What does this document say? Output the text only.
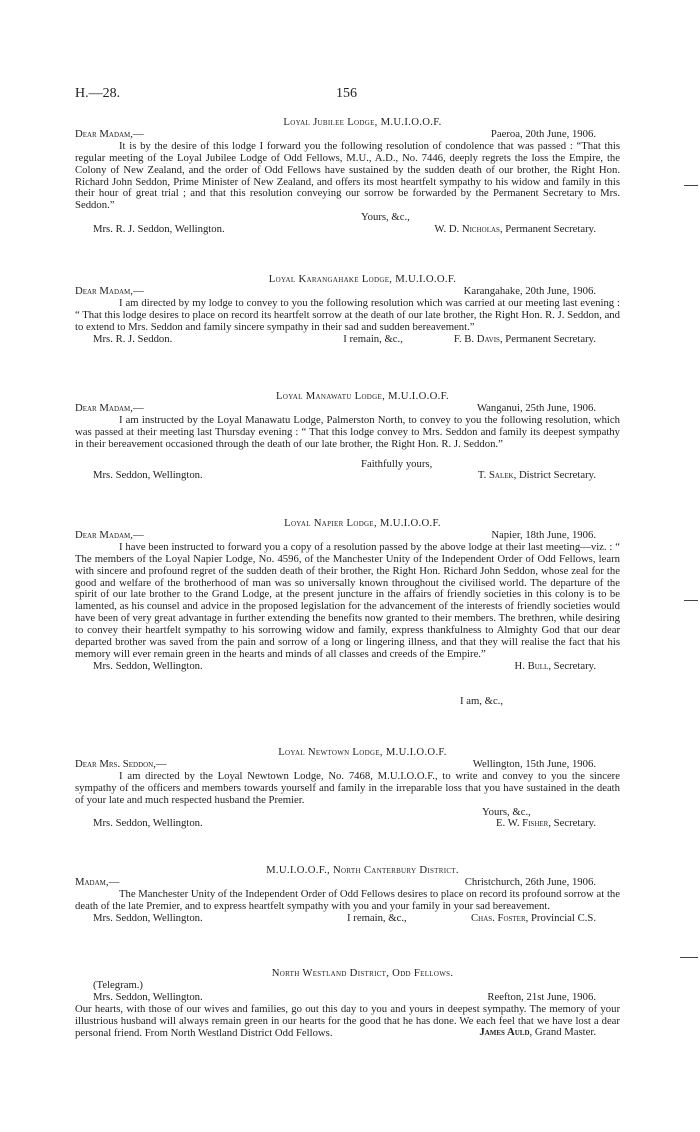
H.—28.	156
Loyal Jubilee Lodge, M.U.I.O.O.F.
Dear Madam,—	Paeroa, 20th June, 1906.

It is by the desire of this lodge I forward you the following resolution of condolence that was passed : “That this regular meeting of the Loyal Jubilee Lodge of Odd Fellows, M.U., A.D., No. 7446, deeply regrets the loss the Empire, the Colony of New Zealand, and the order of Odd Fellows have sustained by the sudden death of our brother, the Right Hon. Richard John Seddon, Prime Minister of New Zealand, and offers its most heartfelt sympathy to his widow and family in this their hour of great trial ; and that this resolution conveying our sorrow be forwarded by the Permanent Secretary to Mrs. Seddon.”

Yours, &c.,
Mrs. R. J. Seddon, Wellington.	W. D. Nicholas, Permanent Secretary.
Loyal Karangahake Lodge, M.U.I.O.O.F.
Dear Madam,—	Karangahake, 20th June, 1906.

I am directed by my lodge to convey to you the following resolution which was carried at our meeting last evening : “ That this lodge desires to place on record its heartfelt sorrow at the death of our late brother, the Right Hon. R. J. Seddon, and to extend to Mrs. Seddon and family sincere sympathy in their sad and sudden bereavement.”

Mrs. R. J. Seddon.	I remain, &c.,	F. B. Davis, Permanent Secretary.
Loyal Manawatu Lodge, M.U.I.O.O.F.
Dear Madam,—	Wanganui, 25th June, 1906.

I am instructed by the Loyal Manawatu Lodge, Palmerston North, to convey to you the following resolution, which was passed at their meeting last Thursday evening : “ That this lodge convey to Mrs. Seddon and family its deepest sympathy in their bereavement occasioned through the death of our late brother, the Right Hon. R. J. Seddon.”

Faithfully yours,
Mrs. Seddon, Wellington.	T. Salek, District Secretary.
Loyal Napier Lodge, M.U.I.O.O.F.
Dear Madam,—	Napier, 18th June, 1906.

I have been instructed to forward you a copy of a resolution passed by the above lodge at their last meeting—viz. : “ The members of the Loyal Napier Lodge, No. 4596, of the Manchester Unity of the Independent Order of Odd Fellows, learn with sincere and profound regret of the sudden death of their brother, the Right Hon. Richard John Seddon, whose zeal for the good and welfare of the brotherhood of man was so universally known throughout the civilised world. The departure of the spirit of our late brother to the Grand Lodge, at the present juncture in the affairs of friendly societies in this colony is to be lamented, as his counsel and advice in the proposed legislation for the advancement of the interests of friendly societies would have been of very great advantage in further extending the benefits now granted to their members. The brethren, while desiring to convey their heartfelt sympathy to his sorrowing widow and family, express thankfulness to Almighty God that our dear departed brother was saved from the pain and sorrow of a long or lingering illness, and that they will realise the fact that his memory will ever remain green in the hearts and minds of all classes and creeds of the Empire.”

Mrs. Seddon, Wellington.	H. Bull, Secretary.
I am, &c.,
Loyal Newtown Lodge, M.U.I.O.O.F.
Dear Mrs. Seddon,—	Wellington, 15th June, 1906.

I am directed by the Loyal Newtown Lodge, No. 7468, M.U.I.O.O.F., to write and convey to you the sincere sympathy of the officers and members towards yourself and family in the irreparable loss that you have sustained in the death of your late and much respected husband the Premier.

Yours, &c.,
Mrs. Seddon, Wellington.	E. W. Fisher, Secretary.
M.U.I.O.O.F., North Canterbury District.
Madam,—	Christchurch, 26th June, 1906.

The Manchester Unity of the Independent Order of Odd Fellows desires to place on record its profound sorrow at the death of the late Premier, and to express heartfelt sympathy with you and your family in your sad bereavement.

Mrs. Seddon, Wellington.	I remain, &c.,	Chas. Foster, Provincial C.S.
North Westland District, Odd Fellows.
(Telegram.)
Mrs. Seddon, Wellington.	Reefton, 21st June, 1906.

Our hearts, with those of our wives and families, go out this day to you and yours in deepest sympathy. The memory of your illustrious husband will always remain green in our hearts for the good that he has done. We each feel that we have lost a dear personal friend. From North Westland District Odd Fellows.	James Auld, Grand Master.
